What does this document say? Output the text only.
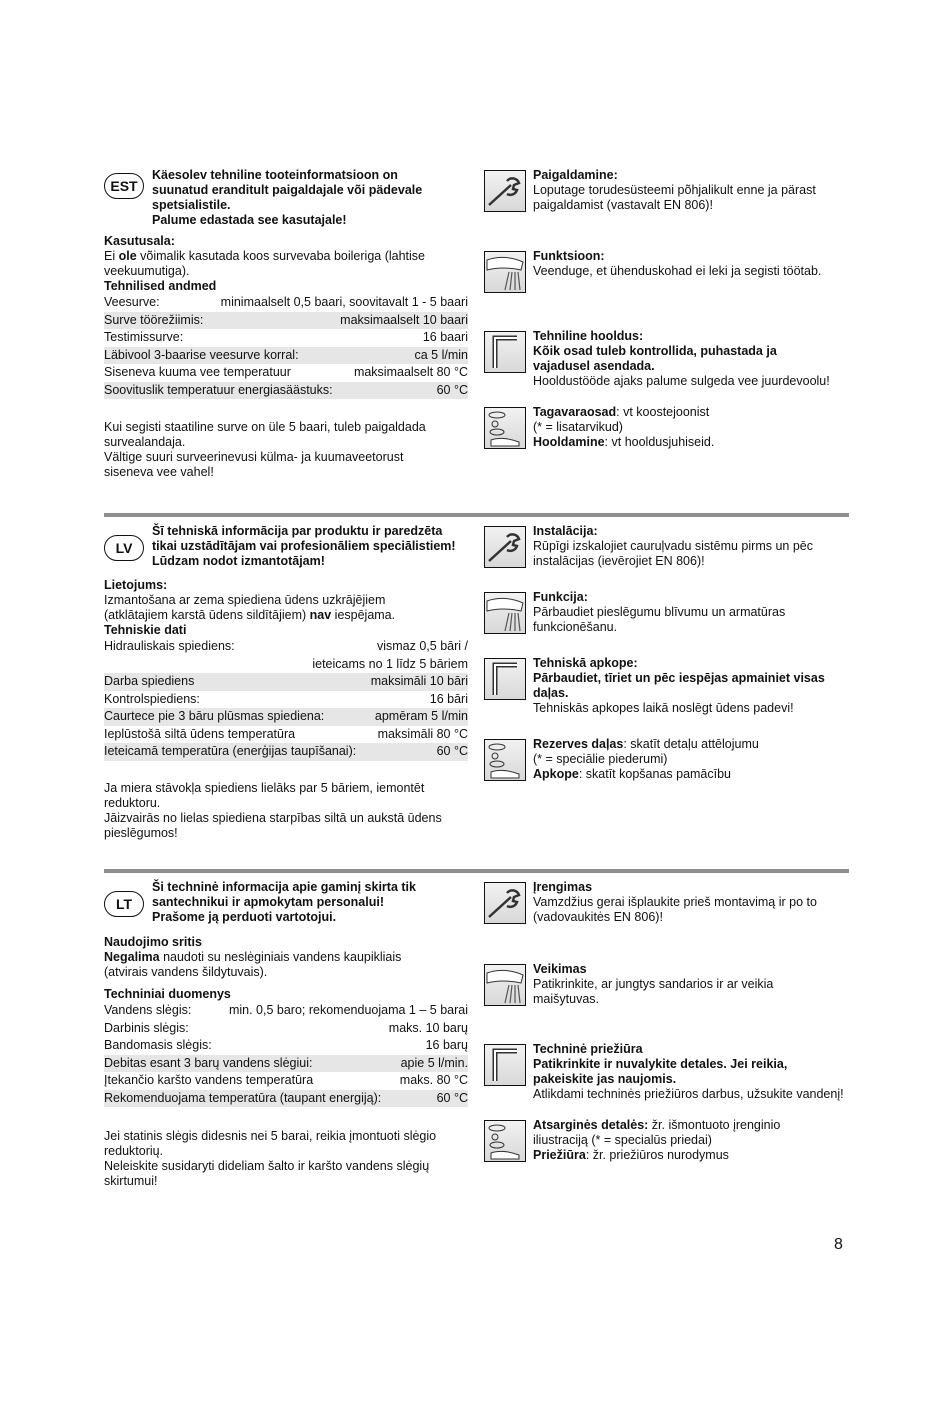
EST
Käesolev tehniline tooteinformatsioon on
suunatud eranditult paigaldajale või pädevale
spetsialistile.
Palume edastada see kasutajale!
Kasutusala:
Ei ole võimalik kasutada koos survevaba boileriga (lahtise
veekuumutiga).
Tehnilised andmed
Veesurve:	minimaalselt 0,5 baari, soovitavalt 1 - 5 baari
Surve töörežiimis:	maksimaalselt 10 baari
Testimissurve:	16 baari
Läbivool 3-baarise veesurve korral:	ca 5 l/min
Siseneva kuuma vee temperatuur	maksimaalselt 80 °C
Soovituslik temperatuur energiasäästuks:	60 °C
Kui segisti staatiline surve on üle 5 baari, tuleb paigaldada
survealandaja.
Vältige suuri surveerinevusi külma- ja kuumaveetorust
siseneva vee vahel!
Paigaldamine:
Loputage torudesüsteemi põhjalikult enne ja pärast
paigaldamist (vastavalt EN 806)!
Funktsioon:
Veenduge, et ühenduskohad ei leki ja segisti töötab.
Tehniline hooldus:
Kõik osad tuleb kontrollida, puhastada ja
vajadusel asendada.
Hooldustööde ajaks palume sulgeda vee juurdevoolu!
Tagavaraosad: vt koostejoonist
(* = lisatarvikud)
Hooldamine: vt hooldusjuhiseid.
LV
Šī tehniskā informācija par produktu ir paredzēta
tikai uzstādītājam vai profesionāliem speciālistiem!
Lūdzam nodot izmantotājam!
Lietojums:
Izmantošana ar zema spiediena ūdens uzkrājējiem
(atklātajiem karstā ūdens sildītājiem) nav iespējama.
Tehniskie dati
Hidrauliskais spiediens:	vismaz 0,5 bāri /
ieteicams no 1 līdz 5 bāriem
Darba spiediens	maksimāli 10 bāri
Kontrolspiediens:	16 bāri
Caurtece pie 3 bāru plūsmas spiediena:	apmēram 5 l/min
Ieplūstošā siltā ūdens temperatūra	maksimāli 80 °C
Ieteicamā temperatūra (enerģijas taupīšanai):	60 °C
Ja miera stāvokļa spiediens lielāks par 5 bāriem, iemontēt
reduktoru.
Jāizvairās no lielas spiediena starpības siltā un aukstā ūdens
pieslēgumos!
Instalācija:
Rūpīgi izskalojiet cauruļvadu sistēmu pirms un pēc
instalācijas (ievērojiet EN 806)!
Funkcija:
Pārbaudiet pieslēgumu blīvumu un armatūras
funkcionēšanu.
Tehniskā apkope:
Pārbaudiet, tīriet un pēc iespējas apmainiet visas
daļas.
Tehniskās apkopes laikā noslēgt ūdens padevi!
Rezerves daļas: skatīt detaļu attēlojumu
(* = speciālie piederumi)
Apkope: skatīt kopšanas pamācību
LT
Ši techninė informacija apie gaminį skirta tik
santechnikui ir apmokytam personalui!
Prašome ją perduoti vartotojui.
Naudojimo sritis
Negalima naudoti su neslėginiais vandens kaupikliais
(atvirais vandens šildytuvais).
Techniniai duomenys
Vandens slėgis:	min. 0,5 baro; rekomenduojama 1 – 5 barai
Darbinis slėgis:	maks. 10 barų
Bandomasis slėgis:	16 barų
Debitas esant 3 barų vandens slėgiui:	apie 5 l/min.
Įtekančio karšto vandens temperatūra	maks. 80 °C
Rekomenduojama temperatūra (taupant energiją):	60 °C
Jei statinis slėgis didesnis nei 5 barai, reikia įmontuoti slėgio
reduktorių.
Neleiskite susidaryti dideliam šalto ir karšto vandens slėgių
skirtumui!
Įrengimas
Vamzdžius gerai išplaukite prieš montavimą ir po to
(vadovaukitės EN 806)!
Veikimas
Patikrinkite, ar jungtys sandarios ir ar veikia
maišytuvas.
Techninė priežiūra
Patikrinkite ir nuvalykite detales. Jei reikia,
pakeiskite jas naujomis.
Atlikdami techninės priežiūros darbus, užsukite vandenį!
Atsarginės detalės: žr. išmontuoto įrenginio
iliustraciją (* = specialūs priedai)
Priežiūra: žr. priežiūros nurodymus
8
